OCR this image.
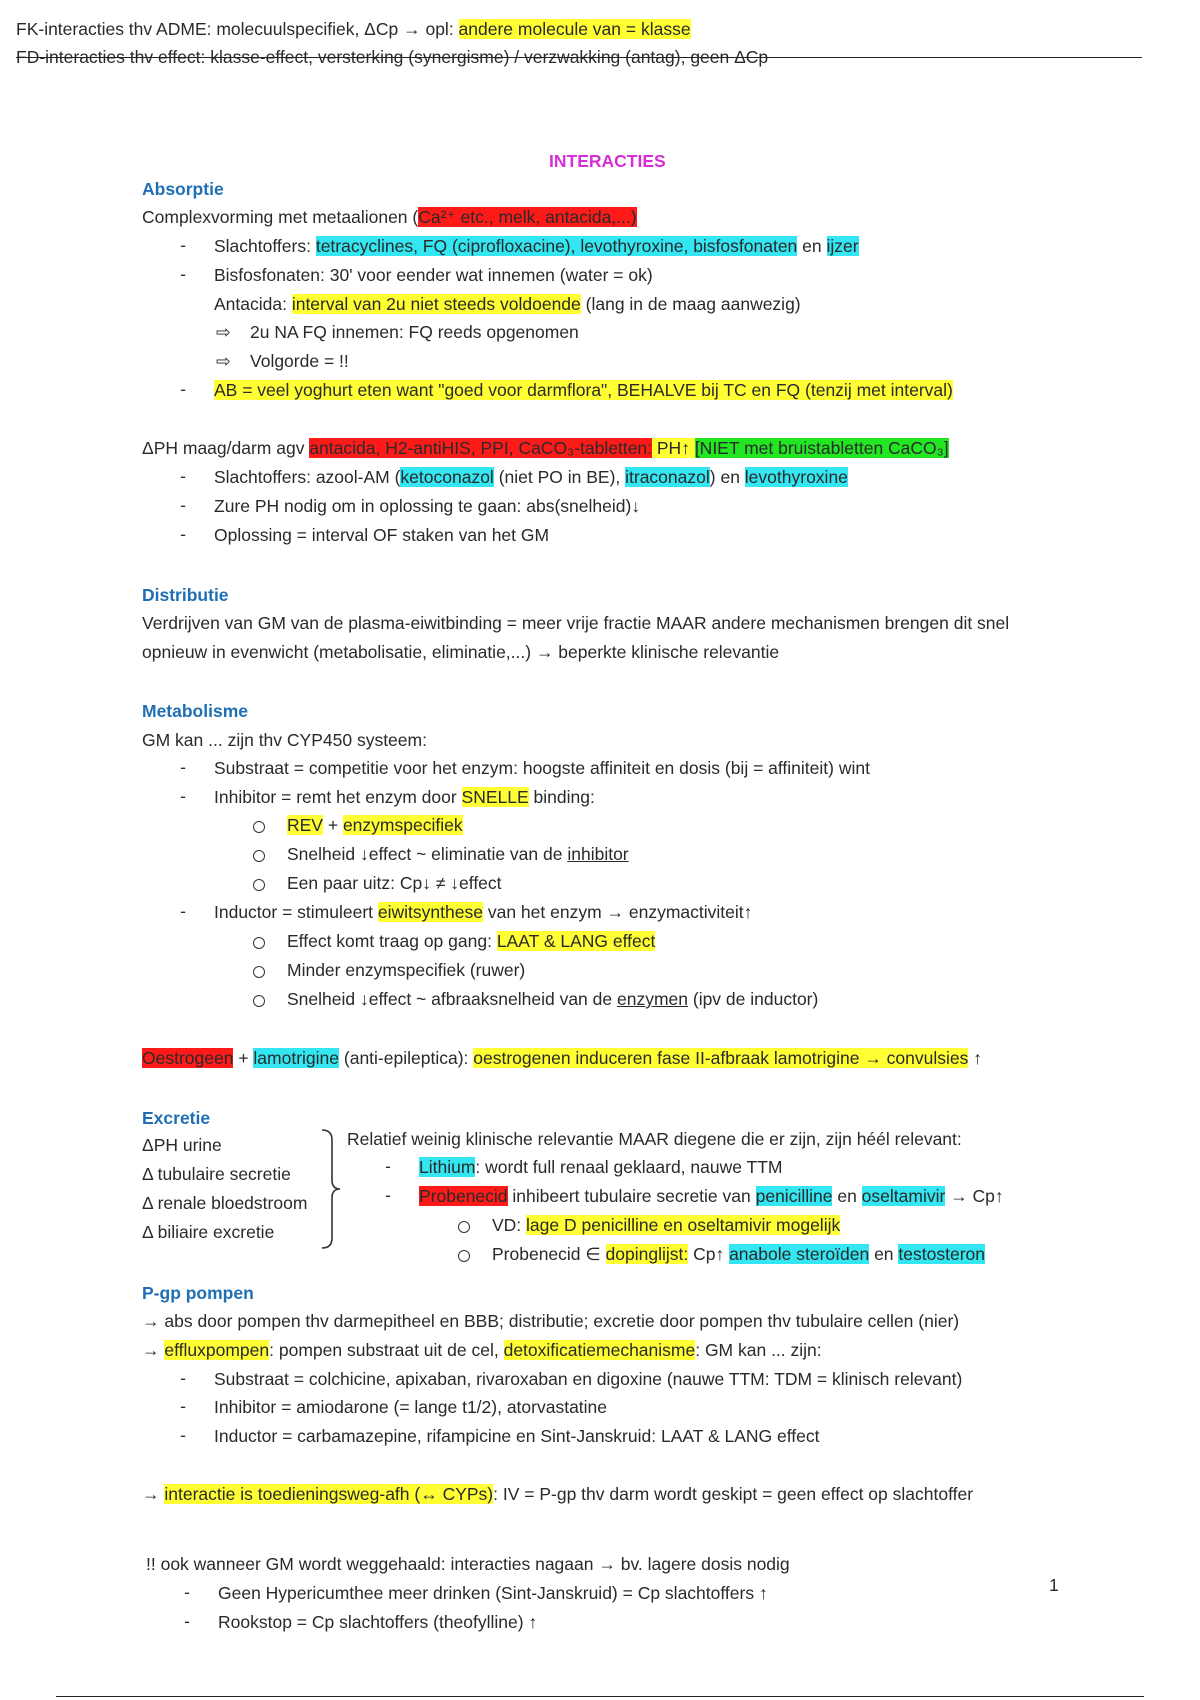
FK-interacties thv ADME: molecuulspecifiek, ΔCp → opl: andere molecule van = klasse
FD-interacties thv effect: klasse-effect, versterking (synergisme) / verzwakking (antag), geen ΔCp
INTERACTIES
Absorptie
Complexvorming met metaalionen (Ca²⁺ etc., melk, antacida,...)
- Slachtoffers: tetracyclines, FQ (ciprofloxacine), levothyroxine, bisfosfonaten en ijzer
- Bisfosfonaten: 30' voor eender wat innemen (water = ok)
Antacida: interval van 2u niet steeds voldoende (lang in de maag aanwezig)
⇨ 2u NA FQ innemen: FQ reeds opgenomen
⇨ Volgorde = !!
- AB = veel yoghurt eten want "goed voor darmflora", BEHALVE bij TC en FQ (tenzij met interval)
ΔPH maag/darm agv antacida, H2-antiHIS, PPI, CaCO₃-tabletten: PH↑ [NIET met bruistabletten CaCO₃]
- Slachtoffers: azool-AM (ketoconazol (niet PO in BE), itraconazol) en levothyroxine
- Zure PH nodig om in oplossing te gaan: abs(snelheid)↓
- Oplossing = interval OF staken van het GM
Distributie
Verdrijven van GM van de plasma-eiwitbinding = meer vrije fractie MAAR andere mechanismen brengen dit snel
opnieuw in evenwicht (metabolisatie, eliminatie,...) → beperkte klinische relevantie
Metabolisme
GM kan ... zijn thv CYP450 systeem:
- Substraat = competitie voor het enzym: hoogste affiniteit en dosis (bij = affiniteit) wint
- Inhibitor = remt het enzym door SNELLE binding:
REV + enzymspecifiek
Snelheid ↓effect ~ eliminatie van de inhibitor
Een paar uitz: Cp↓ ≠ ↓effect
- Inductor = stimuleert eiwitsynthese van het enzym → enzymactiviteit↑
Effect komt traag op gang: LAAT & LANG effect
Minder enzymspecifiek (ruwer)
Snelheid ↓effect ~ afbraaksnelheid van de enzymen (ipv de inductor)
Oestrogeen + lamotrigine (anti-epileptica): oestrogenen induceren fase II-afbraak lamotrigine → convulsies ↑
Excretie
ΔPH urine
Δ tubulaire secretie
Δ renale bloedstroom
Δ biliaire excretie
Relatief weinig klinische relevantie MAAR diegene die er zijn, zijn héél relevant:
- Lithium: wordt full renaal geklaard, nauwe TTM
- Probenecid inhibeert tubulaire secretie van penicilline en oseltamivir → Cp↑
VD: lage D penicilline en oseltamivir mogelijk
Probenecid ∈ dopinglijst: Cp↑ anabole steroïden en testosteron
P-gp pompen
→ abs door pompen thv darmepitheel en BBB; distributie; excretie door pompen thv tubulaire cellen (nier)
→ effluxpompen: pompen substraat uit de cel, detoxificatiemechanisme: GM kan ... zijn:
- Substraat = colchicine, apixaban, rivaroxaban en digoxine (nauwe TTM: TDM = klinisch relevant)
- Inhibitor = amiodarone (= lange t1/2), atorvastatine
- Inductor = carbamazepine, rifampicine en Sint-Janskruid: LAAT & LANG effect
→ interactie is toedieningsweg-afh (↔ CYPs): IV = P-gp thv darm wordt geskipt = geen effect op slachtoffer
!! ook wanneer GM wordt weggehaald: interacties nagaan → bv. lagere dosis nodig
- Geen Hypericumthee meer drinken (Sint-Janskruid) = Cp slachtoffers ↑
- Rookstop = Cp slachtoffers (theofylline) ↑
1
